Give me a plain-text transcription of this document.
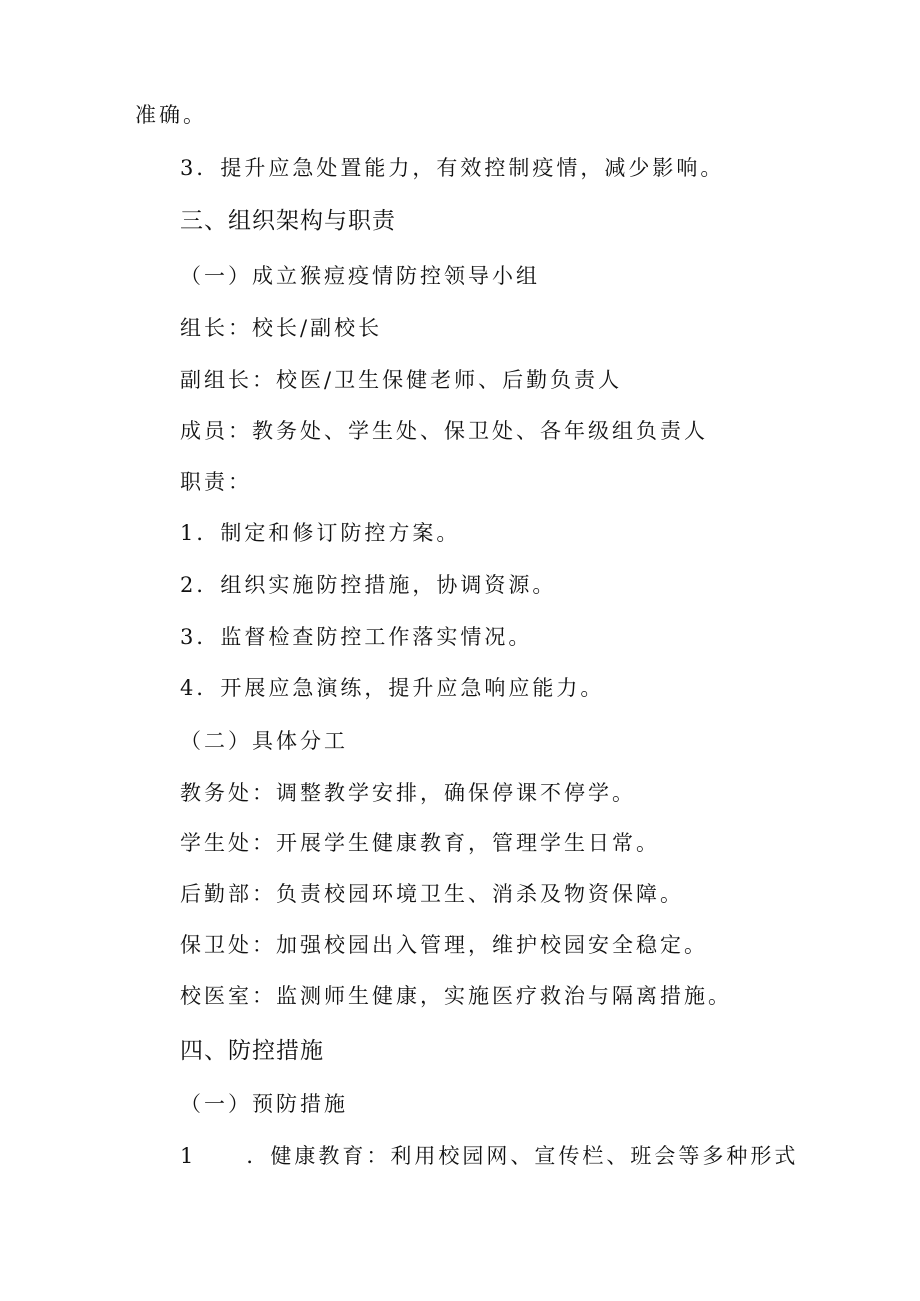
准确。
3．提升应急处置能力，有效控制疫情，减少影响。
三、组织架构与职责
（一）成立猴痘疫情防控领导小组
组长：校长/副校长
副组长：校医/卫生保健老师、后勤负责人
成员：教务处、学生处、保卫处、各年级组负责人
职责：
1．制定和修订防控方案。
2．组织实施防控措施，协调资源。
3．监督检查防控工作落实情况。
4．开展应急演练，提升应急响应能力。
（二）具体分工
教务处：调整教学安排，确保停课不停学。
学生处：开展学生健康教育，管理学生日常。
后勤部：负责校园环境卫生、消杀及物资保障。
保卫处：加强校园出入管理，维护校园安全稳定。
校医室：监测师生健康，实施医疗救治与隔离措施。
四、防控措施
（一）预防措施
1 ．健康教育：利用校园网、宣传栏、班会等多种形式
